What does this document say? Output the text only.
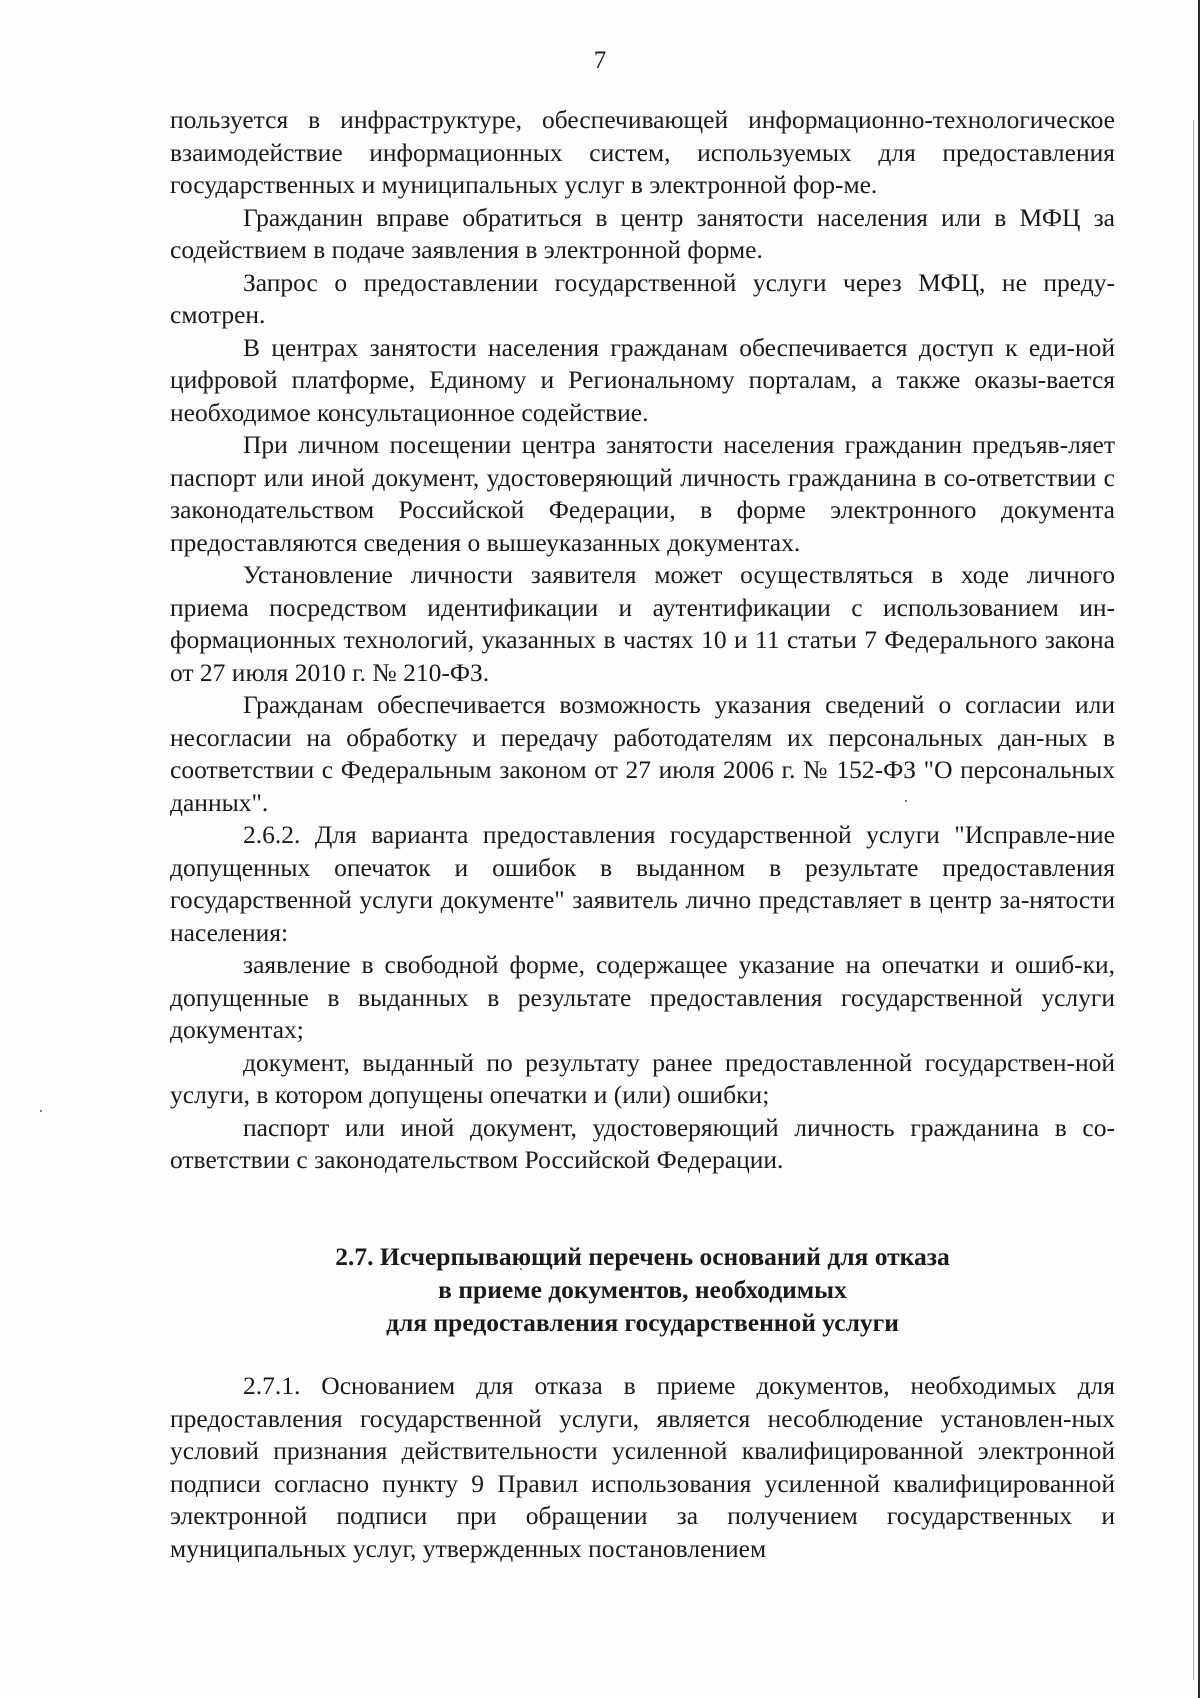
7

пользуется в инфраструктуре, обеспечивающей информационно-технологическое взаимодействие информационных систем, используемых для предоставления государственных и муниципальных услуг в электронной фор-ме.

Гражданин вправе обратиться в центр занятости населения или в МФЦ за содействием в подаче заявления в электронной форме.

Запрос о предоставлении государственной услуги через МФЦ, не преду-смотрен.

В центрах занятости населения гражданам обеспечивается доступ к еди-ной цифровой платформе, Единому и Региональному порталам, а также оказы-вается необходимое консультационное содействие.

При личном посещении центра занятости населения гражданин предъяв-ляет паспорт или иной документ, удостоверяющий личность гражданина в со-ответствии с законодательством Российской Федерации, в форме электронного документа предоставляются сведения о вышеуказанных документах.

Установление личности заявителя может осуществляться в ходе личного приема посредством идентификации и аутентификации с использованием ин-формационных технологий, указанных в частях 10 и 11 статьи 7 Федерального закона от 27 июля 2010 г. № 210-ФЗ.

Гражданам обеспечивается возможность указания сведений о согласии или несогласии на обработку и передачу работодателям их персональных дан-ных в соответствии с Федеральным законом от 27 июля 2006 г. № 152-ФЗ "О персональных данных".

2.6.2. Для варианта предоставления государственной услуги "Исправле-ние допущенных опечаток и ошибок в выданном в результате предоставления государственной услуги документе" заявитель лично представляет в центр за-нятости населения:

заявление в свободной форме, содержащее указание на опечатки и ошиб-ки, допущенные в выданных в результате предоставления государственной услуги документах;

документ, выданный по результату ранее предоставленной государствен-ной услуги, в котором допущены опечатки и (или) ошибки;

паспорт или иной документ, удостоверяющий личность гражданина в со-ответствии с законодательством Российской Федерации.

2.7. Исчерпывающий перечень оснований для отказа
в приеме документов, необходимых
для предоставления государственной услуги

2.7.1. Основанием для отказа в приеме документов, необходимых для предоставления государственной услуги, является несоблюдение установлен-ных условий признания действительности усиленной квалифицированной электронной подписи согласно пункту 9 Правил использования усиленной квалифицированной электронной подписи при обращении за получением государственных и муниципальных услуг, утвержденных постановлением
